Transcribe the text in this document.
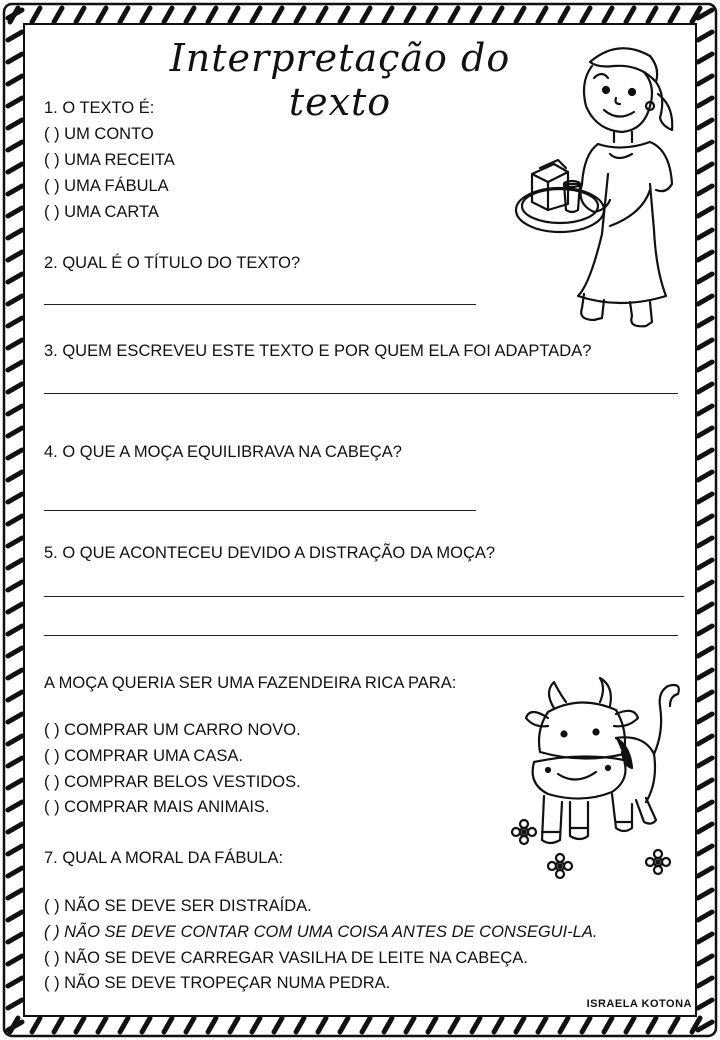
Interpretação do texto
1. O TEXTO É:
( ) UM CONTO
( ) UMA RECEITA
( ) UMA FÁBULA
( ) UMA CARTA
2. QUAL É O TÍTULO DO TEXTO?
3. QUEM ESCREVEU ESTE TEXTO E POR QUEM ELA FOI ADAPTADA?
4. O QUE A MOÇA EQUILIBRAVA NA CABEÇA?
5. O QUE ACONTECEU DEVIDO A DISTRAÇÃO DA MOÇA?
A MOÇA QUERIA SER UMA FAZENDEIRA RICA PARA:
( ) COMPRAR UM CARRO NOVO.
( ) COMPRAR UMA CASA.
( ) COMPRAR BELOS VESTIDOS.
( ) COMPRAR MAIS ANIMAIS.
7. QUAL A MORAL DA FÁBULA:
( ) NÃO SE DEVE SER DISTRAÍDA.
( ) NÃO SE DEVE CONTAR COM UMA COISA ANTES DE CONSEGUI-LA.
( ) NÃO SE DEVE CARREGAR VASILHA DE LEITE NA CABEÇA.
( ) NÃO SE DEVE TROPEÇAR NUMA PEDRA.
ISRAELA KOTONA
